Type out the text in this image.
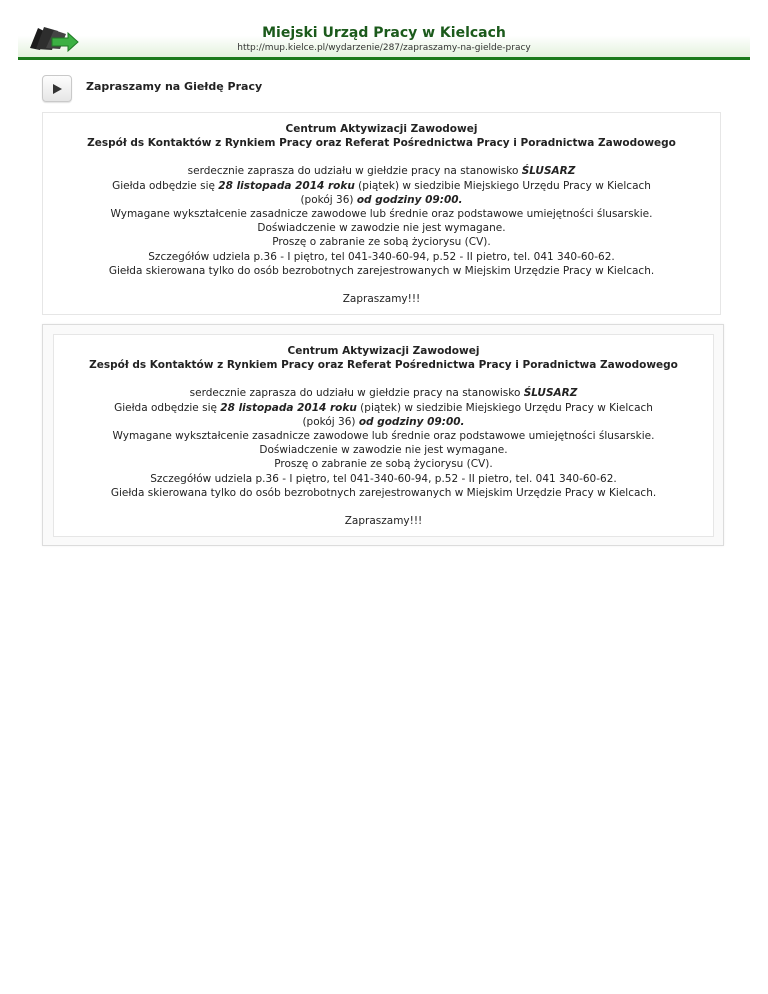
Miejski Urząd Pracy w Kielcach
http://mup.kielce.pl/wydarzenie/287/zapraszamy-na-gielde-pracy
Zapraszamy na Giełdę Pracy
Centrum Aktywizacji Zawodowej
Zespół ds Kontaktów z Rynkiem Pracy oraz Referat Pośrednictwa Pracy i Poradnictwa Zawodowego
serdecznie zaprasza do udziału w giełdzie pracy na stanowisko ŚLUSARZ
Giełda odbędzie się 28 listopada 2014 roku (piątek) w siedzibie Miejskiego Urzędu Pracy w Kielcach
(pokój 36) od godziny 09:00.
Wymagane wykształcenie zasadnicze zawodowe lub średnie oraz podstawowe umiejętności ślusarskie.
Doświadczenie w zawodzie nie jest wymagane.
Proszę o zabranie ze sobą życiorysu (CV).
Szczegółów udziela p.36 - I piętro, tel 041-340-60-94, p.52 - II pietro, tel. 041 340-60-62.
Giełda skierowana tylko do osób bezrobotnych zarejestrowanych w Miejskim Urzędzie Pracy w Kielcach.
Zapraszamy!!!
Centrum Aktywizacji Zawodowej
Zespół ds Kontaktów z Rynkiem Pracy oraz Referat Pośrednictwa Pracy i Poradnictwa Zawodowego
serdecznie zaprasza do udziału w giełdzie pracy na stanowisko ŚLUSARZ
Giełda odbędzie się 28 listopada 2014 roku (piątek) w siedzibie Miejskiego Urzędu Pracy w Kielcach
(pokój 36) od godziny 09:00.
Wymagane wykształcenie zasadnicze zawodowe lub średnie oraz podstawowe umiejętności ślusarskie.
Doświadczenie w zawodzie nie jest wymagane.
Proszę o zabranie ze sobą życiorysu (CV).
Szczegółów udziela p.36 - I piętro, tel 041-340-60-94, p.52 - II pietro, tel. 041 340-60-62.
Giełda skierowana tylko do osób bezrobotnych zarejestrowanych w Miejskim Urzędzie Pracy w Kielcach.
Zapraszamy!!!
